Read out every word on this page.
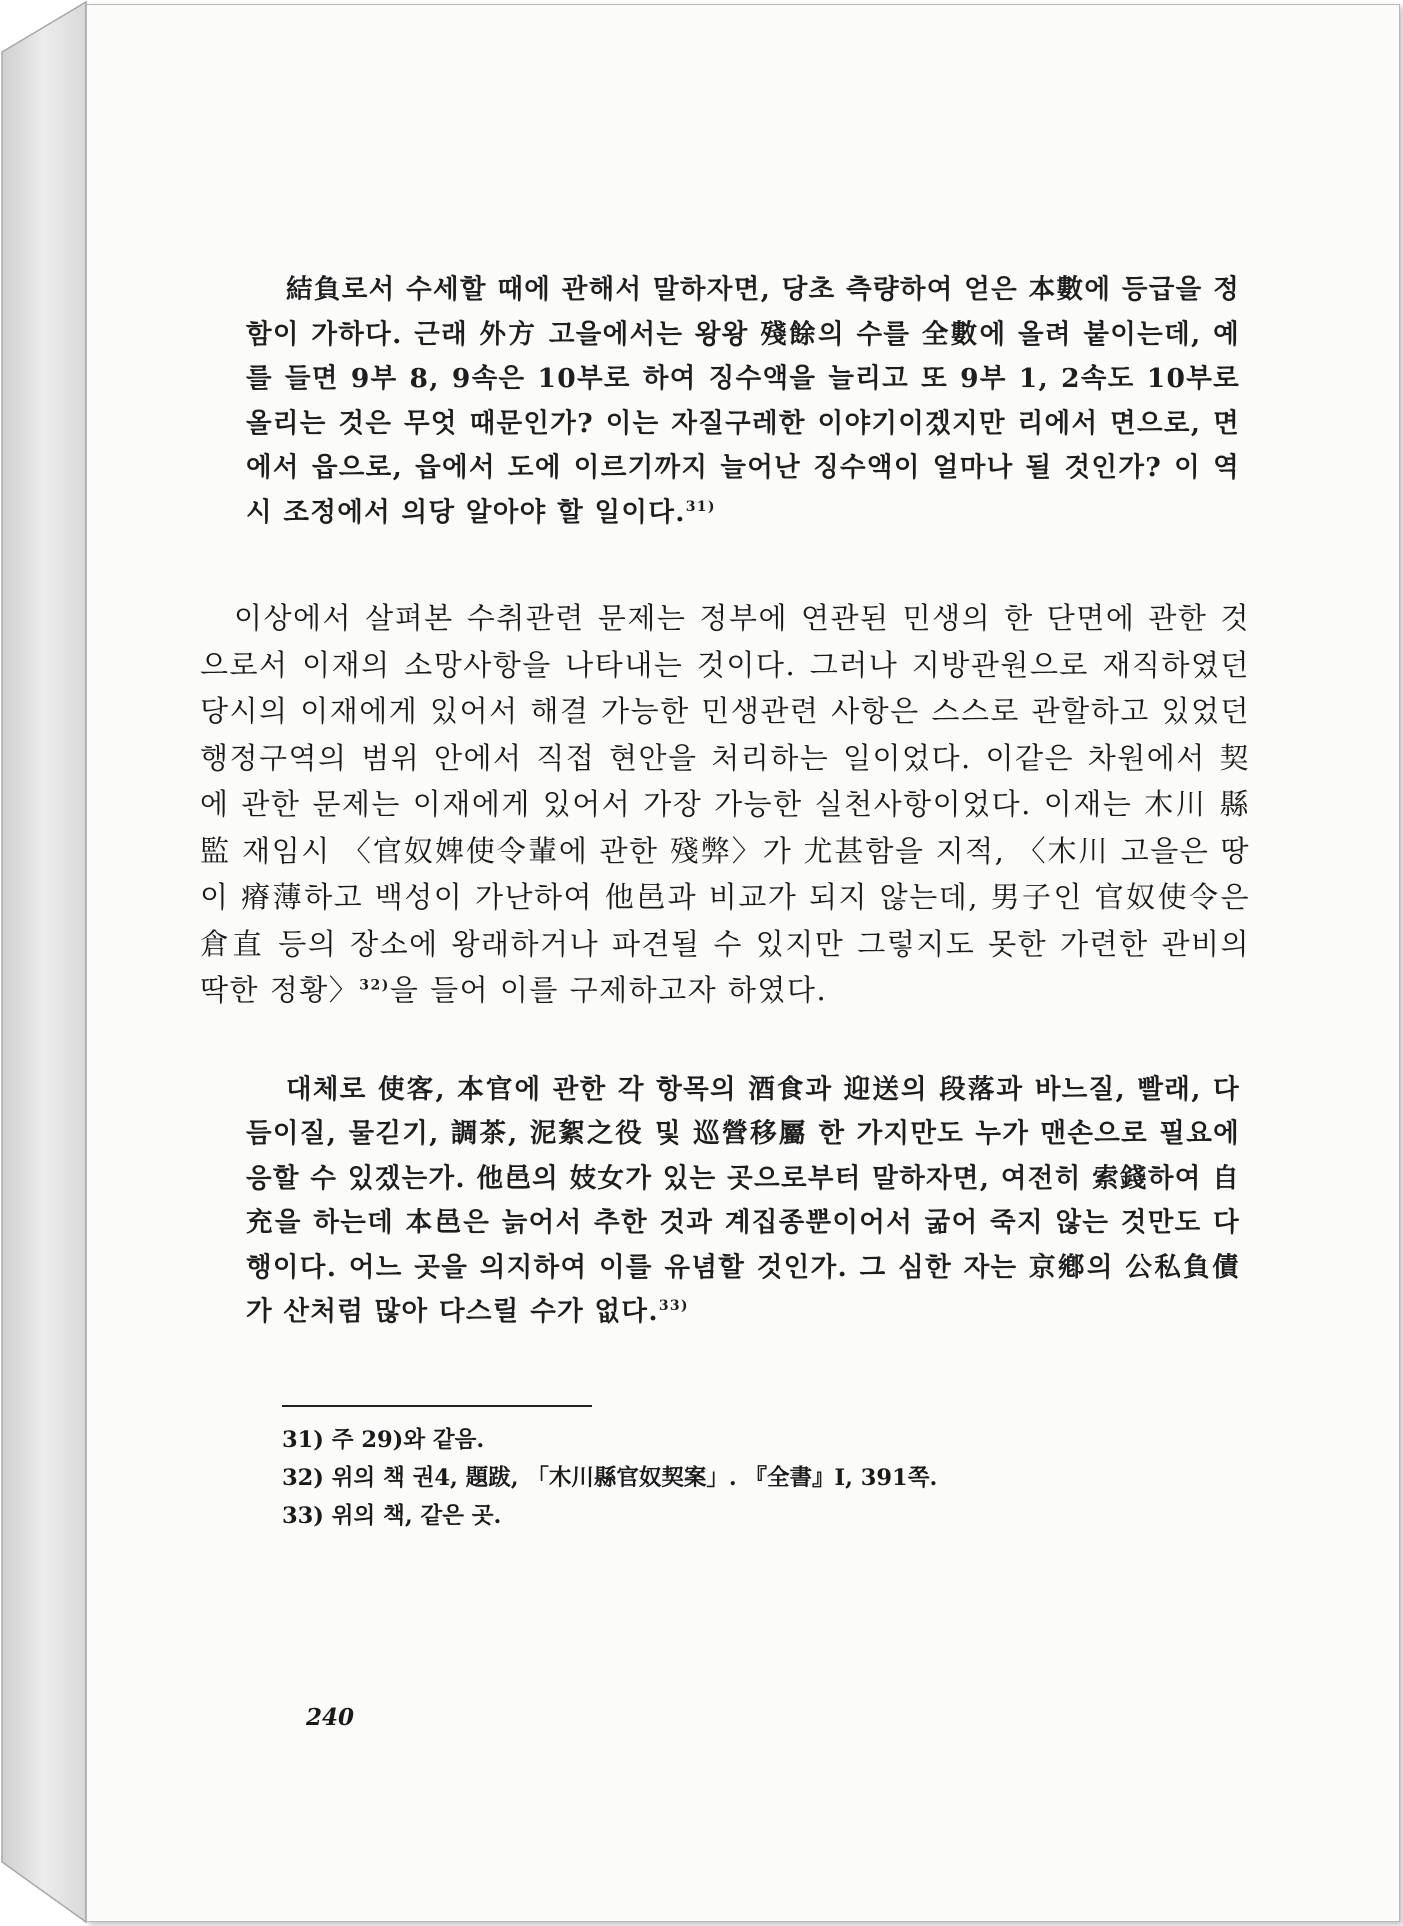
結負로서 수세할 때에 관해서 말하자면, 당초 측량하여 얻은 本數에 등급을 정함이 가하다. 근래 外方 고을에서는 왕왕 殘餘의 수를 全數에 올려 붙이는데, 예를 들면 9부 8, 9속은 10부로 하여 징수액을 늘리고 또 9부 1, 2속도 10부로 올리는 것은 무엇 때문인가? 이는 자질구레한 이야기이겠지만 리에서 면으로, 면에서 읍으로, 읍에서 도에 이르기까지 늘어난 징수액이 얼마나 될 것인가? 이 역시 조정에서 의당 알아야 할 일이다.$^{31)}$

이상에서 살펴본 수취관련 문제는 정부에 연관된 민생의 한 단면에 관한 것으로서 이재의 소망사항을 나타내는 것이다. 그러나 지방관원으로 재직하였던 당시의 이재에게 있어서 해결 가능한 민생관련 사항은 스스로 관할하고 있었던 행정구역의 범위 안에서 직접 현안을 처리하는 일이었다. 이같은 차원에서 契에 관한 문제는 이재에게 있어서 가장 가능한 실천사항이었다. 이재는 木川 縣監 재임시 〈官奴婢使令輩에 관한 殘弊〉가 尤甚함을 지적, 〈木川 고을은 땅이 瘠薄하고 백성이 가난하여 他邑과 비교가 되지 않는데, 男子인 官奴使令은 倉直 등의 장소에 왕래하거나 파견될 수 있지만 그렇지도 못한 가련한 관비의 딱한 정황〉$^{32)}$을 들어 이를 구제하고자 하였다.

대체로 使客, 本官에 관한 각 항목의 酒食과 迎送의 段落과 바느질, 빨래, 다듬이질, 물긷기, 調茶, 泥絮之役 및 巡營移屬 한 가지만도 누가 맨손으로 필요에 응할 수 있겠는가. 他邑의 妓女가 있는 곳으로부터 말하자면, 여전히 索錢하여 自充을 하는데 本邑은 늙어서 추한 것과 계집종뿐이어서 굶어 죽지 않는 것만도 다행이다. 어느 곳을 의지하여 이를 유념할 것인가. 그 심한 자는 京鄕의 公私負債가 산처럼 많아 다스릴 수가 없다.$^{33)}$

31) 주 29)와 같음.
32) 위의 책 권4, 題跋, 「木川縣官奴契案」. 『全書』Ⅰ, 391쪽.
33) 위의 책, 같은 곳.
240
